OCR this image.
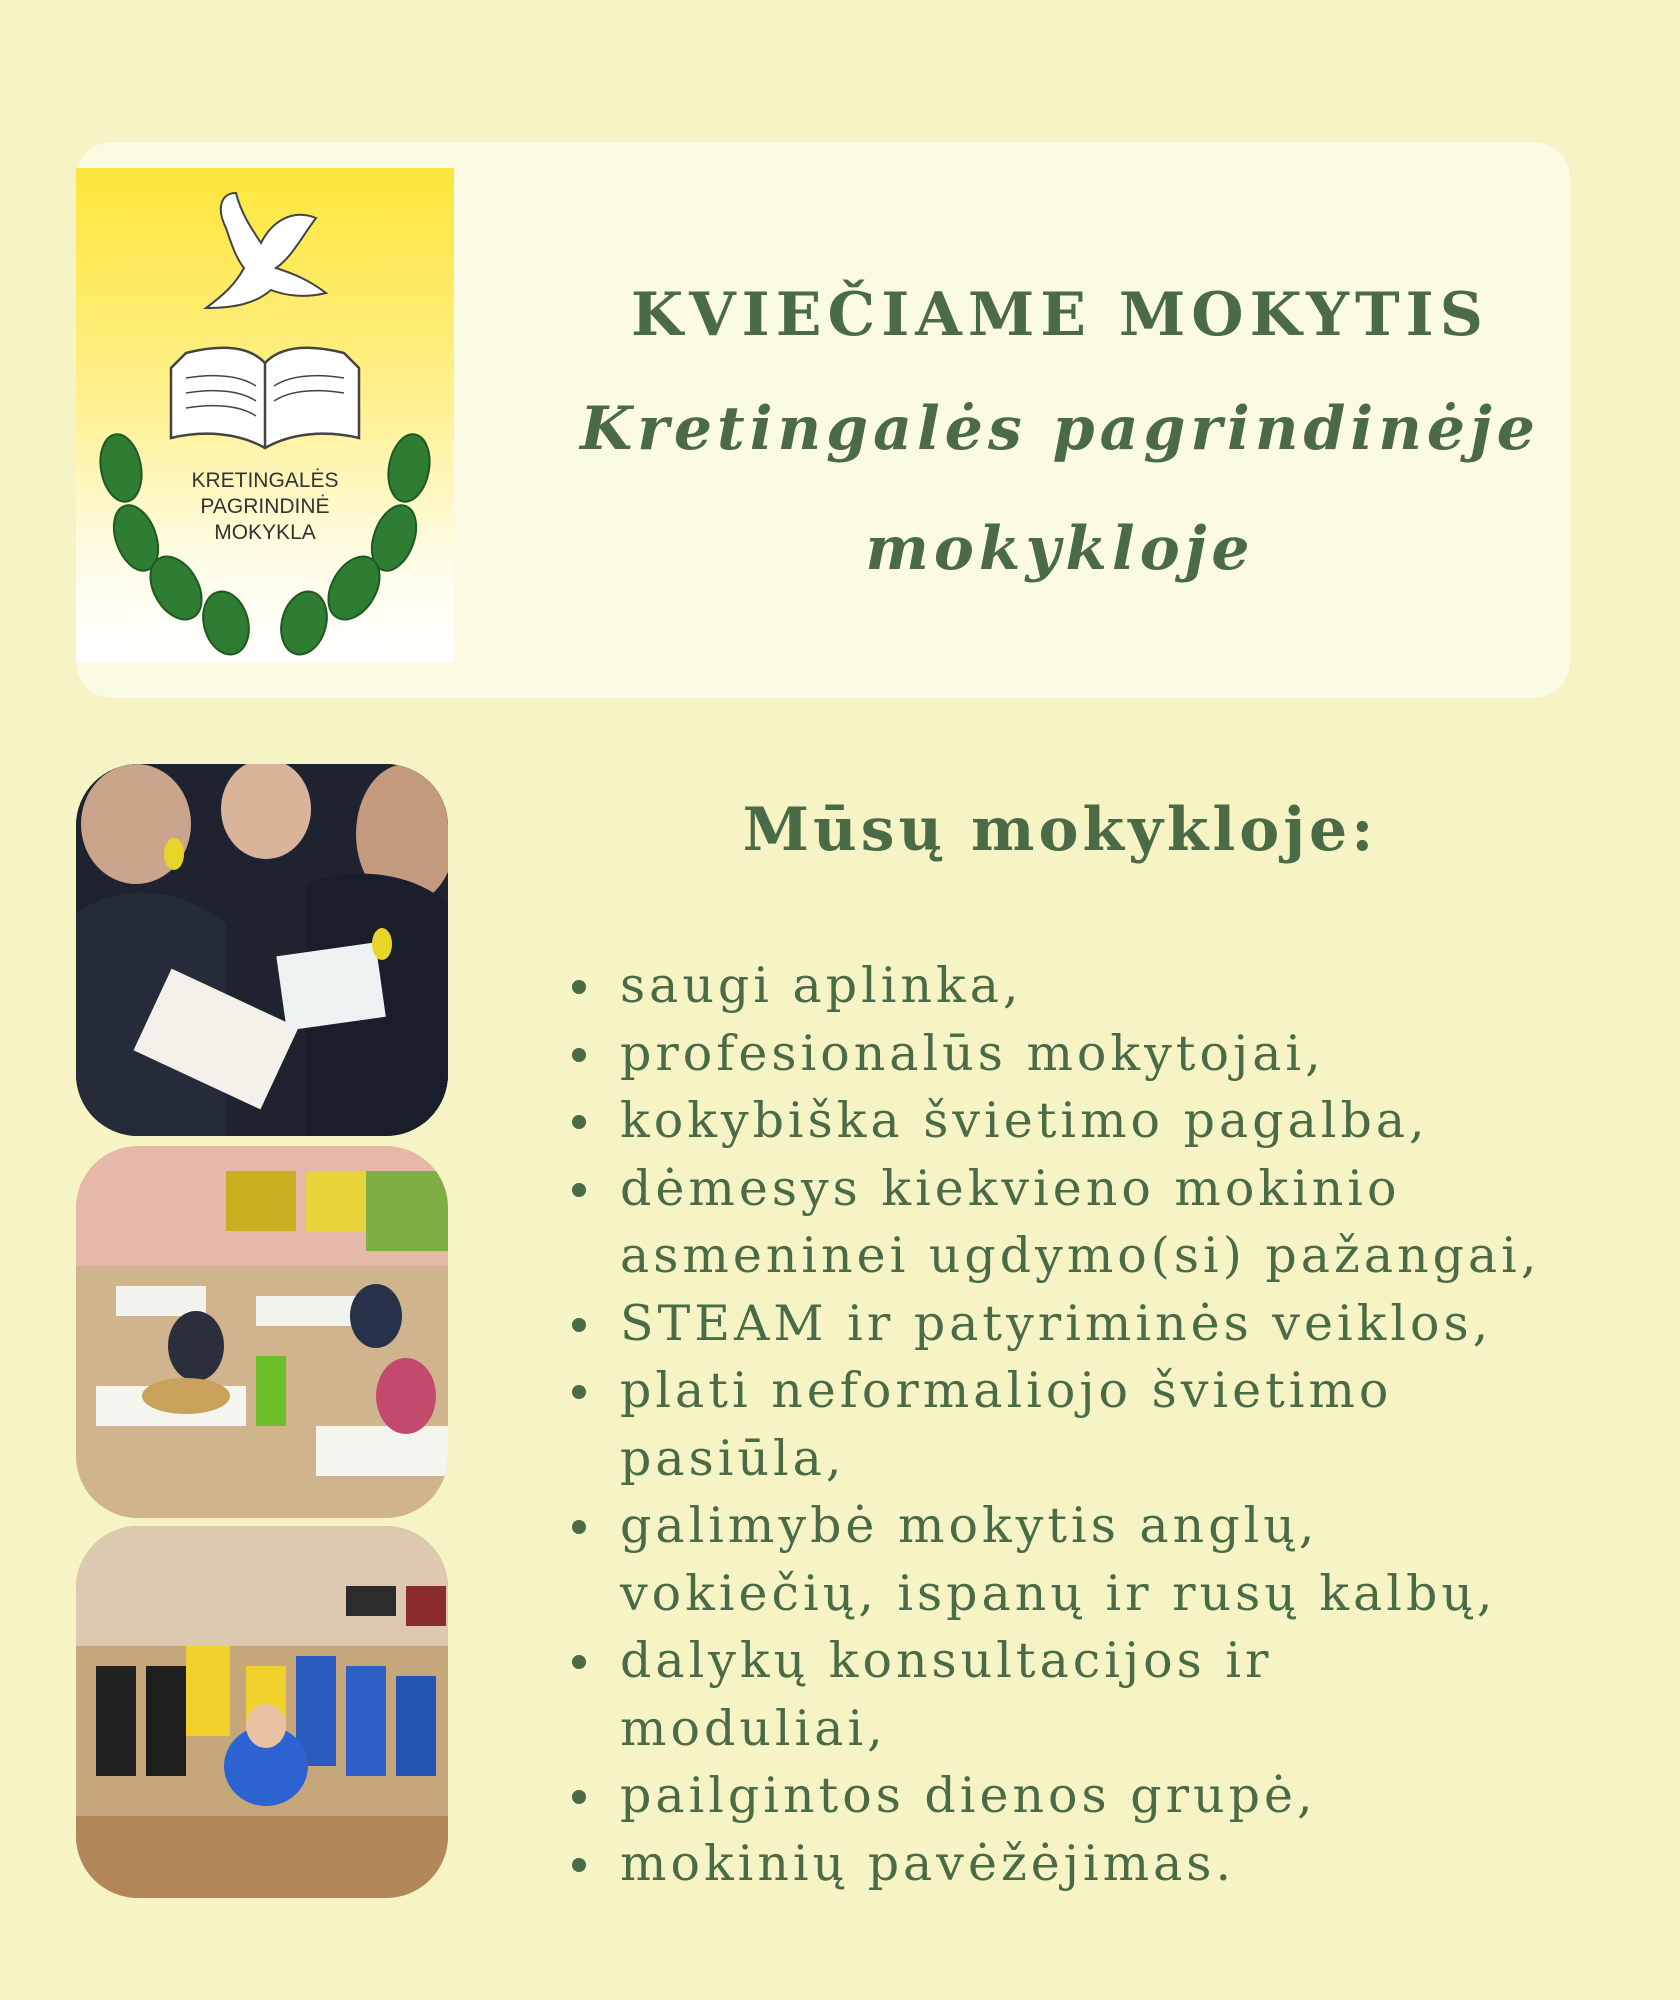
KRETINGALĖS
PAGRINDINĖ
MOKYKLA
KVIEČIAME MOKYTIS
Kretingalės pagrindinėje
mokykloje
Mūsų mokykloje:
saugi aplinka,
profesionalūs mokytojai,
kokybiška švietimo pagalba,
dėmesys kiekvieno mokinio
asmeninei ugdymo(si) pažangai,
STEAM ir patyriminės veiklos,
plati neformaliojo švietimo
pasiūla,
galimybė mokytis anglų,
vokiečių, ispanų ir rusų kalbų,
dalykų konsultacijos ir
moduliai,
pailgintos dienos grupė,
mokinių pavėžėjimas.
